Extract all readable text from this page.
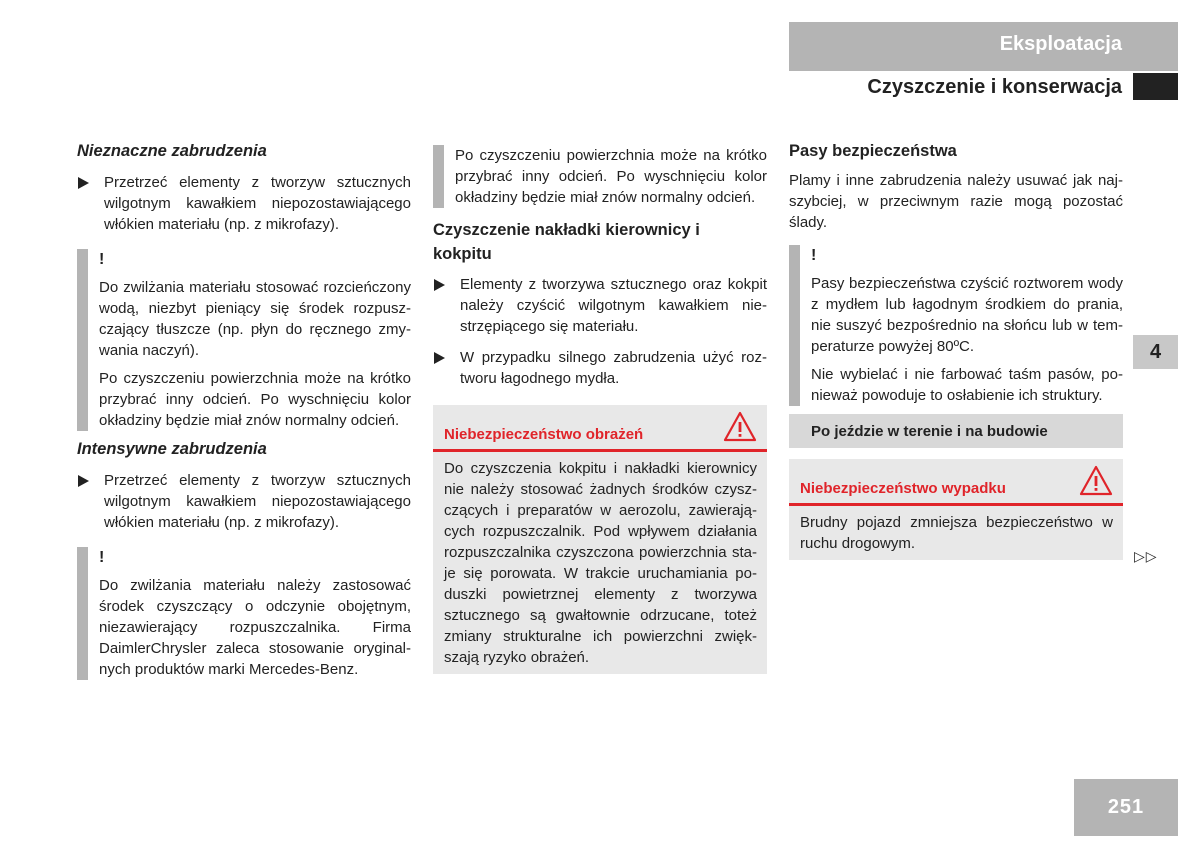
Eksploatacja
Czyszczenie i konserwacja

Nieznaczne zabrudzenia

Przetrzeć elementy z tworzyw sztucznych wilgotnym kawałkiem niepozostawiającego włókien materiału (np. z mikrofazy).
!

Do zwilżania materiału stosować rozcieńczony wodą, niezbyt pieniący się środek rozpuszczający tłuszcze (np. płyn do ręcznego zmywania naczyń).

Po czyszczeniu powierzchnia może na krótko przybrać inny odcień. Po wyschnięciu kolor okładziny będzie miał znów normalny odcień.

Intensywne zabrudzenia

Przetrzeć elementy z tworzyw sztucznych wilgotnym kawałkiem niepozostawiającego włókien materiału (np. z mikrofazy).
!

Do zwilżania materiału należy zastosować środek czyszczący o odczynie obojętnym, niezawierający rozpuszczalnika. Firma DaimlerChrysler zaleca stosowanie oryginalnych produktów marki Mercedes-Benz.

Po czyszczeniu powierzchnia może na krótko przybrać inny odcień. Po wyschnięciu kolor okładziny będzie miał znów normalny odcień.

Czyszczenie nakładki kierownicy i kokpitu

Elementy z tworzywa sztucznego oraz kokpit należy czyścić wilgotnym kawałkiem niestrzępiącego się materiału.
W przypadku silnego zabrudzenia użyć roztworu łagodnego mydła.
Niebezpieczeństwo obrażeń
Do czyszczenia kokpitu i nakładki kierownicy nie należy stosować żadnych środków czyszczących i preparatów w aerozolu, zawierających rozpuszczalnik. Pod wpływem działania rozpuszczalnika czyszczona powierzchnia staje się porowata. W trakcie uruchamiania poduszki powietrznej elementy z tworzywa sztucznego są gwałtownie odrzucane, toteż zmiany strukturalne ich powierzchni zwiększają ryzyko obrażeń.

Pasy bezpieczeństwa

Plamy i inne zabrudzenia należy usuwać jak najszybciej, w przeciwnym razie mogą pozostać ślady.

!

Pasy bezpieczeństwa czyścić roztworem wody z mydłem lub łagodnym środkiem do prania, nie suszyć bezpośrednio na słońcu lub w temperaturze powyżej 80ºC.

Nie wybielać i nie farbować taśm pasów, ponieważ powoduje to osłabienie ich struktury.

Po jeździe w terenie i na budowie
Niebezpieczeństwo wypadku
Brudny pojazd zmniejsza bezpieczeństwo w ruchu drogowym.
4
▷▷
251
